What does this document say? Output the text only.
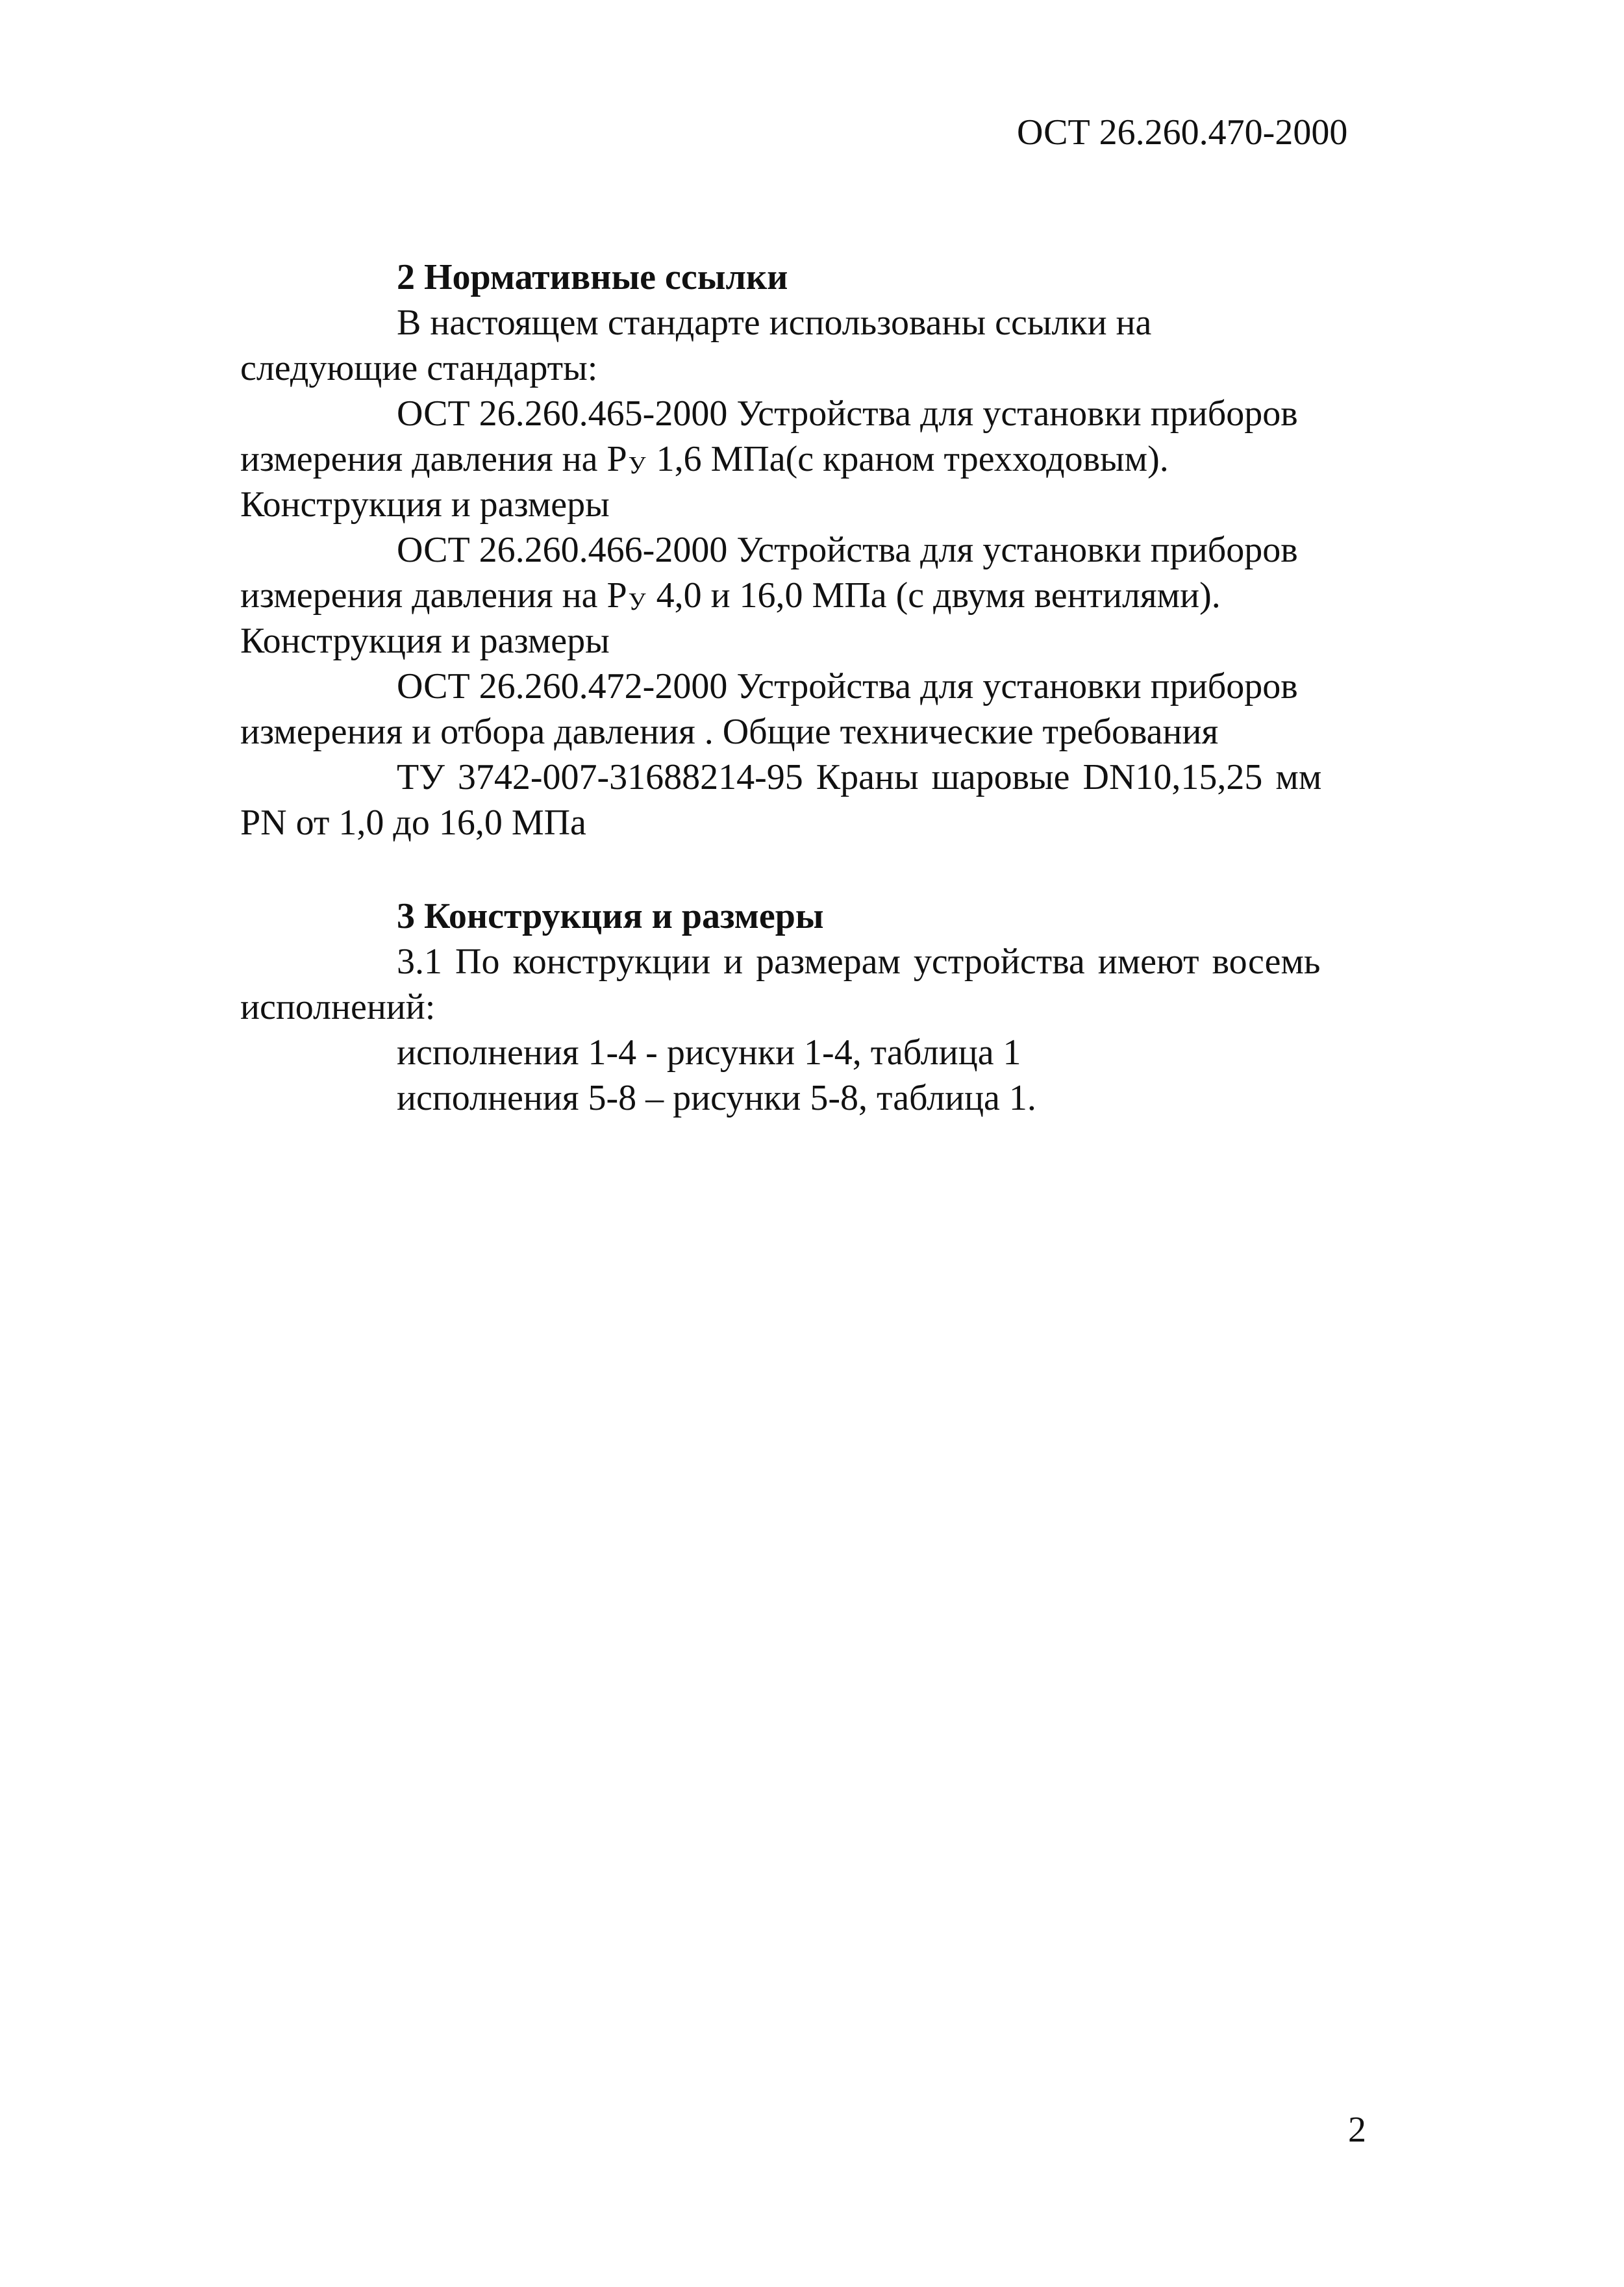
ОСТ 26.260.470-2000
2 Нормативные ссылки
В настоящем стандарте использованы ссылки на
следующие стандарты:
ОСТ 26.260.465-2000 Устройства для установки приборов
измерения давления на PУ 1,6 МПа(с краном трехходовым).
Конструкция и размеры
ОСТ 26.260.466-2000 Устройства для установки приборов
измерения давления на PУ 4,0 и 16,0 МПа (с двумя вентилями).
Конструкция и размеры
ОСТ 26.260.472-2000 Устройства для установки приборов
измерения и отбора давления . Общие технические требования
ТУ 3742-007-31688214-95 Краны шаровые DN10,15,25 мм
PN от 1,0 до 16,0 МПа
3 Конструкция и размеры
3.1 По конструкции и размерам устройства имеют восемь
исполнений:
исполнения 1-4 - рисунки 1-4, таблица 1
исполнения 5-8 – рисунки 5-8, таблица 1.
2
